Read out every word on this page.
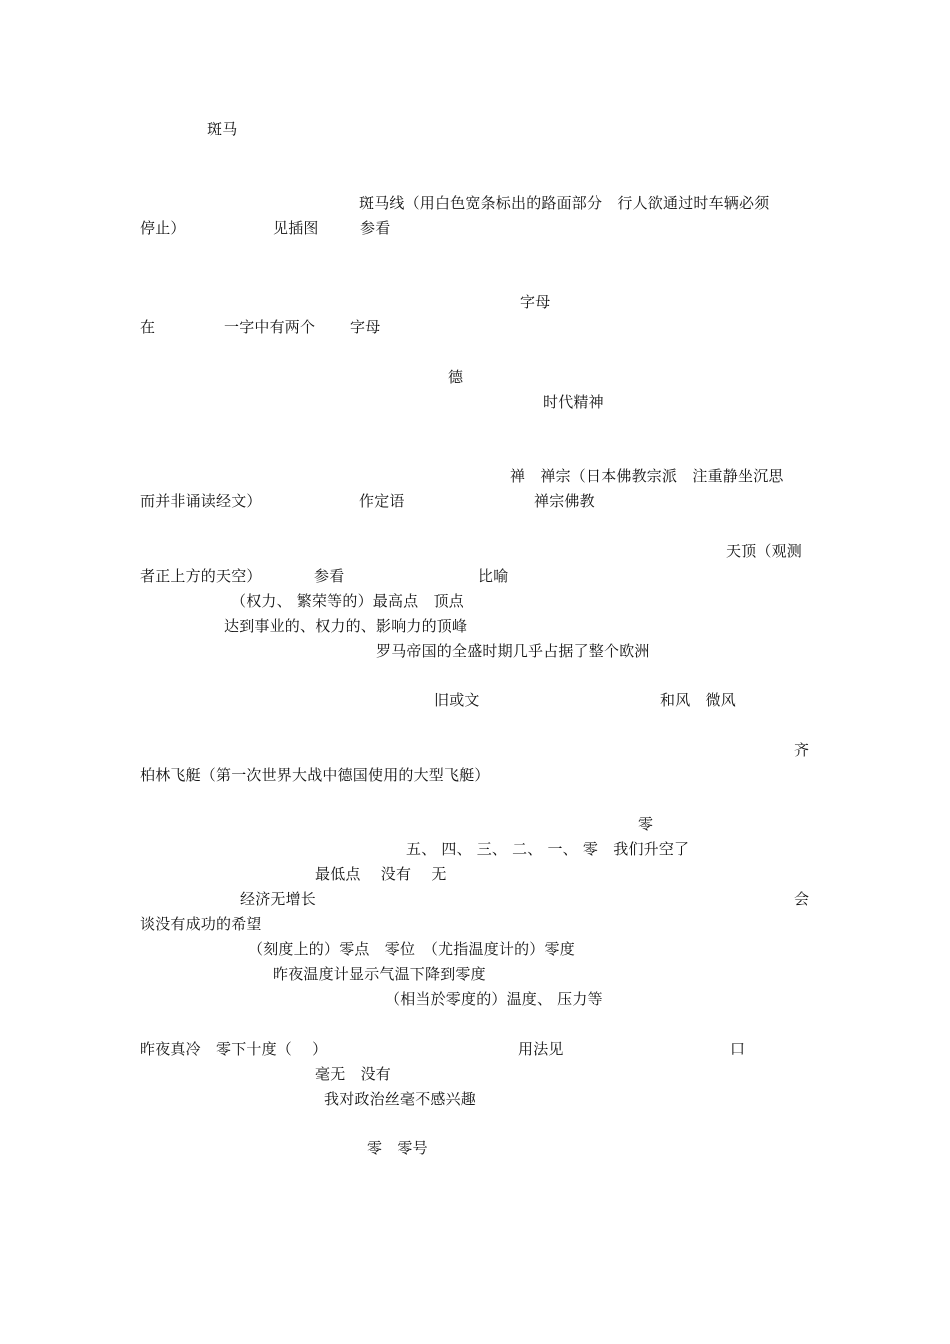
斑马
斑马线（用白色宽条标出的路面部分　行人欲通过时车辆必须
停止）	见插图	参看
字母
在	一字中有两个 字母
德
时代精神
禅　禅宗（日本佛教宗派　注重静坐沉思
而并非诵读经文）	作定语	禅宗佛教
天顶（观测
者正上方的天空）	参看	比喻
（权力、 繁荣等的）最高点　顶点
达到事业的、权力的、影响力的顶峰
罗马帝国的全盛时期几乎占据了整个欧洲
旧或文	和风　微风
齐
柏林飞艇（第一次世界大战中德国使用的大型飞艇）
零
五、 四、 三、 二、 一、 零　我们升空了
最低点　 没有　 无
经济无增长	会
谈没有成功的希望
（刻度上的）零点　零位　（尤指温度计的）零度
昨夜温度计显示气温下降到零度
（相当於零度的）温度、 压力等
昨夜真冷　零下十度（　 ）	用法见	口
毫无　没有
我对政治丝毫不感兴趣
零　零号
